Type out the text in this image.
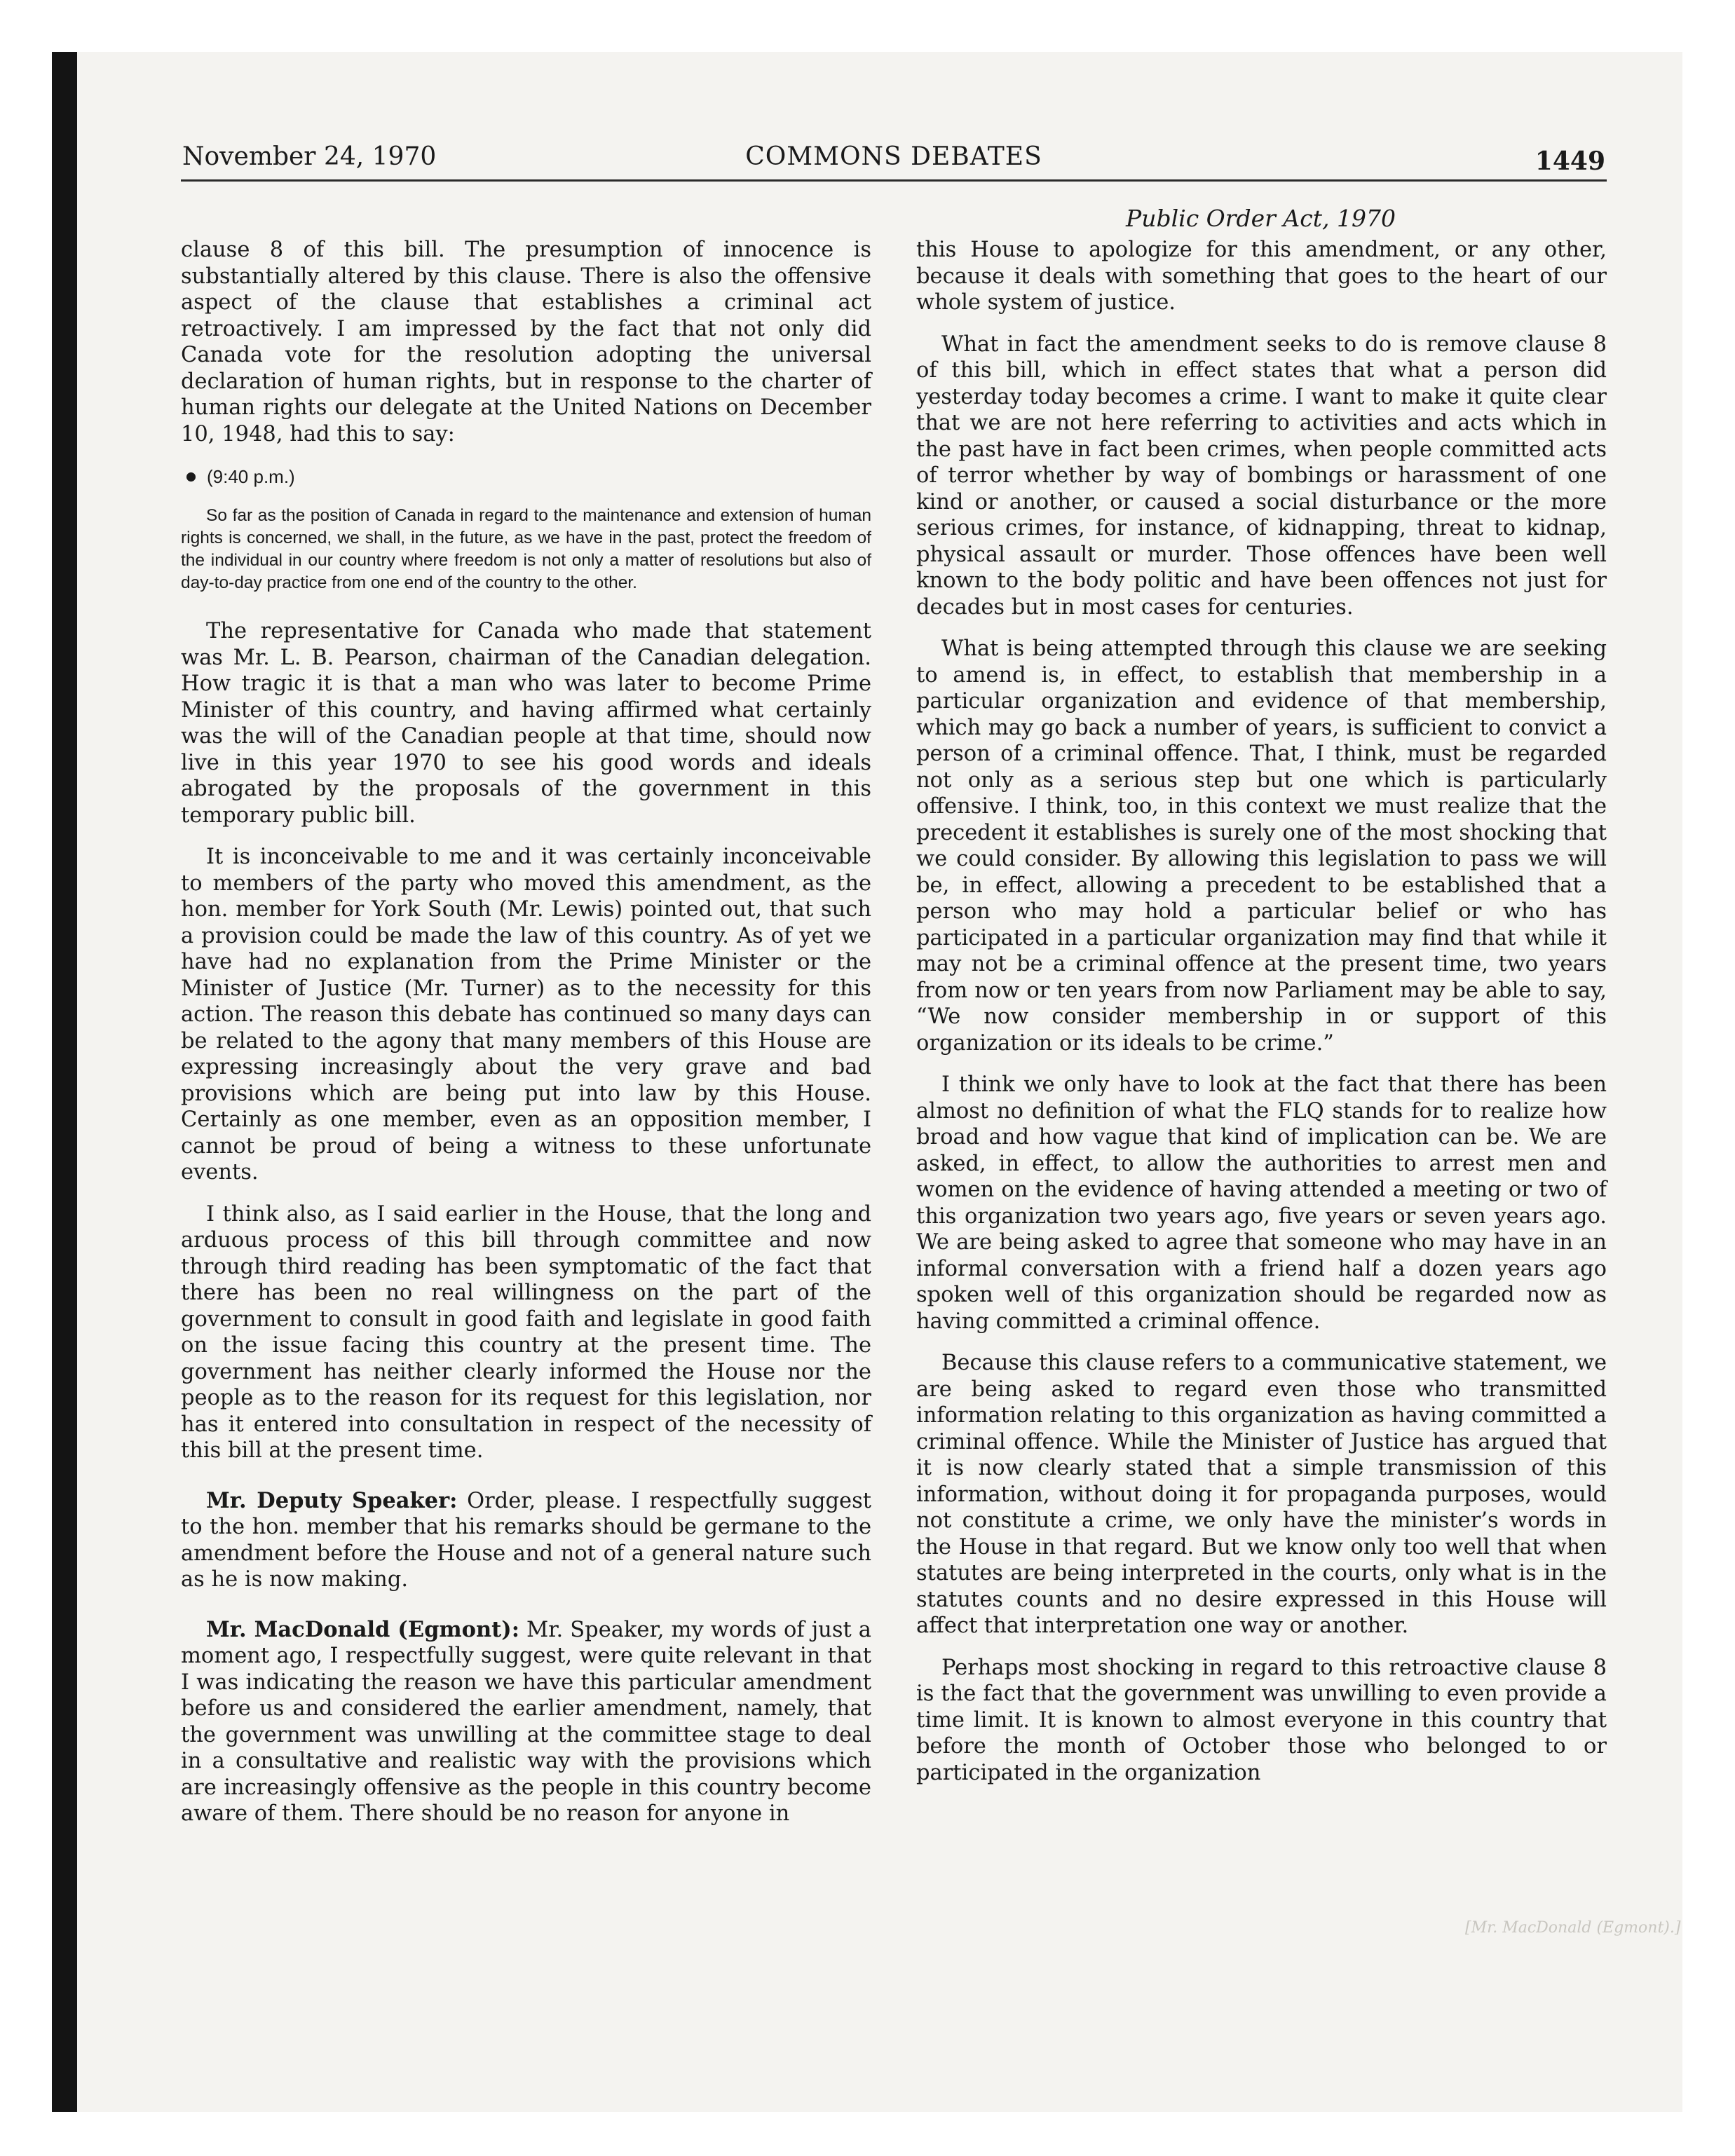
November 24, 1970	COMMONS DEBATES	1449
Public Order Act, 1970

clause 8 of this bill. The presumption of innocence is substantially altered by this clause. There is also the offensive aspect of the clause that establishes a criminal act retroactively. I am impressed by the fact that not only did Canada vote for the resolution adopting the universal declaration of human rights, but in response to the charter of human rights our delegate at the United Nations on December 10, 1948, had this to say:

(9:40 p.m.)

So far as the position of Canada in regard to the maintenance and extension of human rights is concerned, we shall, in the future, as we have in the past, protect the freedom of the individual in our country where freedom is not only a matter of resolutions but also of day-to-day practice from one end of the country to the other.

The representative for Canada who made that statement was Mr. L. B. Pearson, chairman of the Canadian delegation. How tragic it is that a man who was later to become Prime Minister of this country, and having affirmed what certainly was the will of the Canadian people at that time, should now live in this year 1970 to see his good words and ideals abrogated by the proposals of the government in this temporary public bill.

It is inconceivable to me and it was certainly inconceivable to members of the party who moved this amendment, as the hon. member for York South (Mr. Lewis) pointed out, that such a provision could be made the law of this country. As of yet we have had no explanation from the Prime Minister or the Minister of Justice (Mr. Turner) as to the necessity for this action. The reason this debate has continued so many days can be related to the agony that many members of this House are expressing increasingly about the very grave and bad provisions which are being put into law by this House. Certainly as one member, even as an opposition member, I cannot be proud of being a witness to these unfortunate events.

I think also, as I said earlier in the House, that the long and arduous process of this bill through committee and now through third reading has been symptomatic of the fact that there has been no real willingness on the part of the government to consult in good faith and legislate in good faith on the issue facing this country at the present time. The government has neither clearly informed the House nor the people as to the reason for its request for this legislation, nor has it entered into consultation in respect of the necessity of this bill at the present time.

Mr. Deputy Speaker: Order, please. I respectfully suggest to the hon. member that his remarks should be germane to the amendment before the House and not of a general nature such as he is now making.

Mr. MacDonald (Egmont): Mr. Speaker, my words of just a moment ago, I respectfully suggest, were quite relevant in that I was indicating the reason we have this particular amendment before us and considered the earlier amendment, namely, that the government was unwilling at the committee stage to deal in a consultative and realistic way with the provisions which are increasingly offensive as the people in this country become aware of them. There should be no reason for anyone in

this House to apologize for this amendment, or any other, because it deals with something that goes to the heart of our whole system of justice.

What in fact the amendment seeks to do is remove clause 8 of this bill, which in effect states that what a person did yesterday today becomes a crime. I want to make it quite clear that we are not here referring to activities and acts which in the past have in fact been crimes, when people committed acts of terror whether by way of bombings or harassment of one kind or another, or caused a social disturbance or the more serious crimes, for instance, of kidnapping, threat to kidnap, physical assault or murder. Those offences have been well known to the body politic and have been offences not just for decades but in most cases for centuries.

What is being attempted through this clause we are seeking to amend is, in effect, to establish that membership in a particular organization and evidence of that membership, which may go back a number of years, is sufficient to convict a person of a criminal offence. That, I think, must be regarded not only as a serious step but one which is particularly offensive. I think, too, in this context we must realize that the precedent it establishes is surely one of the most shocking that we could consider. By allowing this legislation to pass we will be, in effect, allowing a precedent to be established that a person who may hold a particular belief or who has participated in a particular organization may find that while it may not be a criminal offence at the present time, two years from now or ten years from now Parliament may be able to say, “We now consider membership in or support of this organization or its ideals to be crime.”

I think we only have to look at the fact that there has been almost no definition of what the FLQ stands for to realize how broad and how vague that kind of implication can be. We are asked, in effect, to allow the authorities to arrest men and women on the evidence of having attended a meeting or two of this organization two years ago, five years or seven years ago. We are being asked to agree that someone who may have in an informal conversation with a friend half a dozen years ago spoken well of this organization should be regarded now as having committed a criminal offence.

Because this clause refers to a communicative statement, we are being asked to regard even those who transmitted information relating to this organization as having committed a criminal offence. While the Minister of Justice has argued that it is now clearly stated that a simple transmission of this information, without doing it for propaganda purposes, would not constitute a crime, we only have the minister’s words in the House in that regard. But we know only too well that when statutes are being interpreted in the courts, only what is in the statutes counts and no desire expressed in this House will affect that interpretation one way or another.

Perhaps most shocking in regard to this retroactive clause 8 is the fact that the government was unwilling to even provide a time limit. It is known to almost everyone in this country that before the month of October those who belonged to or participated in the organization

[Mr. MacDonald (Egmont).]
